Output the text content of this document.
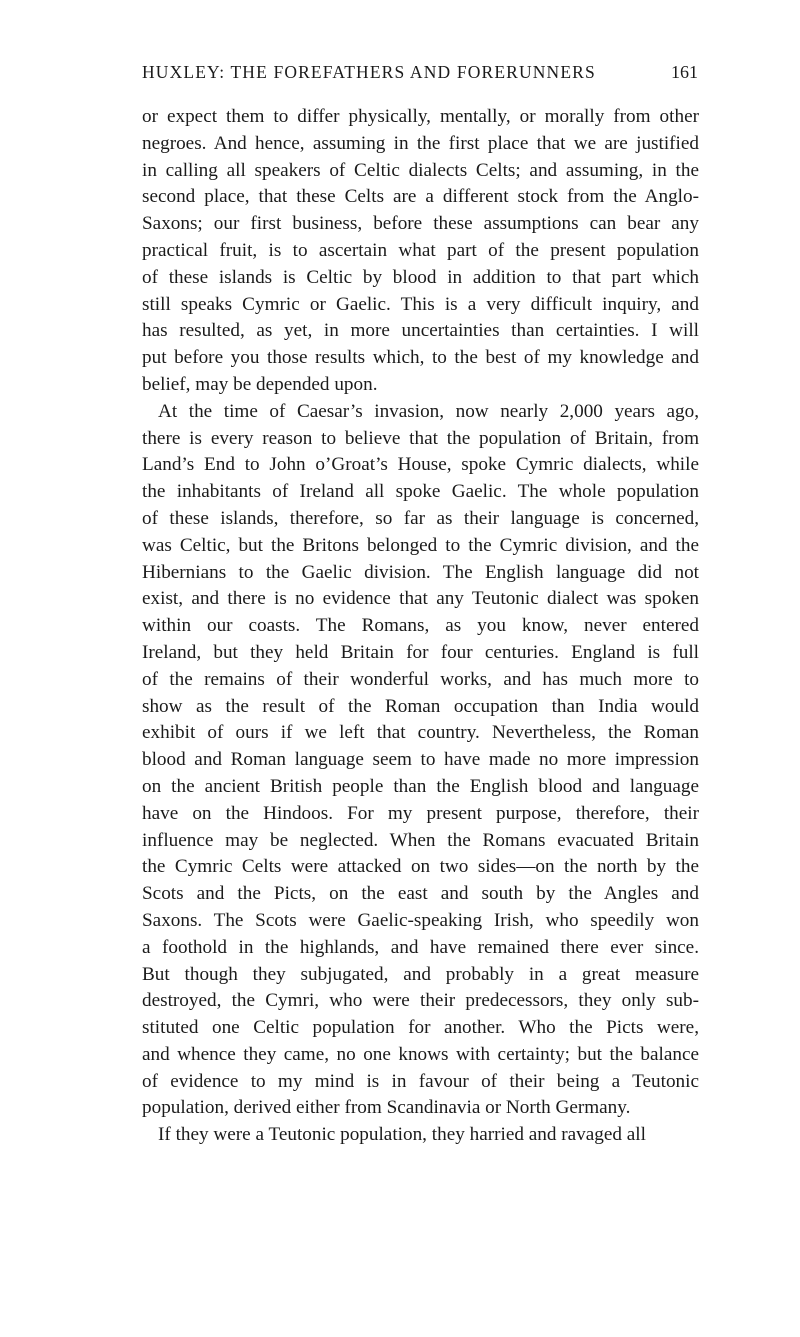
HUXLEY: THE FOREFATHERS AND FORERUNNERS	161
or expect them to differ physically, mentally, or morally from other
negroes. And hence, assuming in the first place that we are justified
in calling all speakers of Celtic dialects Celts; and assuming, in the
second place, that these Celts are a different stock from the Anglo-
Saxons; our first business, before these assumptions can bear any
practical fruit, is to ascertain what part of the present population
of these islands is Celtic by blood in addition to that part which
still speaks Cymric or Gaelic. This is a very difficult inquiry, and
has resulted, as yet, in more uncertainties than certainties. I will
put before you those results which, to the best of my knowledge and
belief, may be depended upon.
At the time of Caesar’s invasion, now nearly 2,000 years ago,
there is every reason to believe that the population of Britain, from
Land’s End to John o’Groat’s House, spoke Cymric dialects, while
the inhabitants of Ireland all spoke Gaelic. The whole population
of these islands, therefore, so far as their language is concerned,
was Celtic, but the Britons belonged to the Cymric division, and the
Hibernians to the Gaelic division. The English language did not
exist, and there is no evidence that any Teutonic dialect was spoken
within our coasts. The Romans, as you know, never entered
Ireland, but they held Britain for four centuries. England is full
of the remains of their wonderful works, and has much more to
show as the result of the Roman occupation than India would
exhibit of ours if we left that country. Nevertheless, the Roman
blood and Roman language seem to have made no more impression
on the ancient British people than the English blood and language
have on the Hindoos. For my present purpose, therefore, their
influence may be neglected. When the Romans evacuated Britain
the Cymric Celts were attacked on two sides—on the north by the
Scots and the Picts, on the east and south by the Angles and
Saxons. The Scots were Gaelic-speaking Irish, who speedily won
a foothold in the highlands, and have remained there ever since.
But though they subjugated, and probably in a great measure
destroyed, the Cymri, who were their predecessors, they only sub-
stituted one Celtic population for another. Who the Picts were,
and whence they came, no one knows with certainty; but the balance
of evidence to my mind is in favour of their being a Teutonic
population, derived either from Scandinavia or North Germany.
If they were a Teutonic population, they harried and ravaged all
